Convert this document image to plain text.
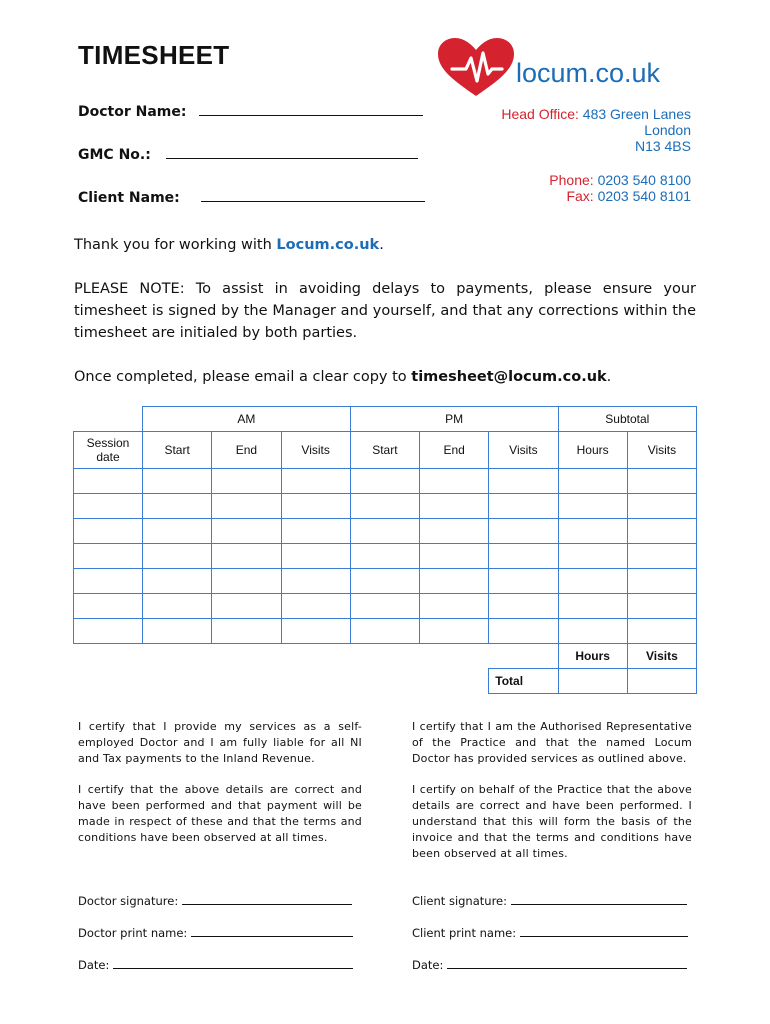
TIMESHEET
Doctor Name:
GMC No.:
Client Name:
locum.co.uk
Head Office: 483 Green Lanes
London
N13 4BS
Phone: 0203 540 8100
Fax: 0203 540 8101
Thank you for working with Locum.co.uk.
PLEASE NOTE: To assist in avoiding delays to payments, please ensure your timesheet is signed by the Manager and yourself, and that any corrections within the timesheet are initialed by both parties.
Once completed, please email a clear copy to timesheet@locum.co.uk.
	AM			PM			Subtotal	
Session date	Start	End	Visits	Start	End	Visits	Hours	Visits

							Hours	Visits
						Total		
I certify that I provide my services as a self-employed Doctor and I am fully liable for all NI and Tax payments to the Inland Revenue.
I certify that the above details are correct and have been performed and that payment will be made in respect of these and that the terms and conditions have been observed at all times.
I certify that I am the Authorised Representative of the Practice and that the named Locum Doctor has provided services as outlined above.
I certify on behalf of the Practice that the above details are correct and have been performed. I understand that this will form the basis of the invoice and that the terms and conditions have been observed at all times.
Doctor signature:
Doctor print name:
Date:
Client signature:
Client print name:
Date:
